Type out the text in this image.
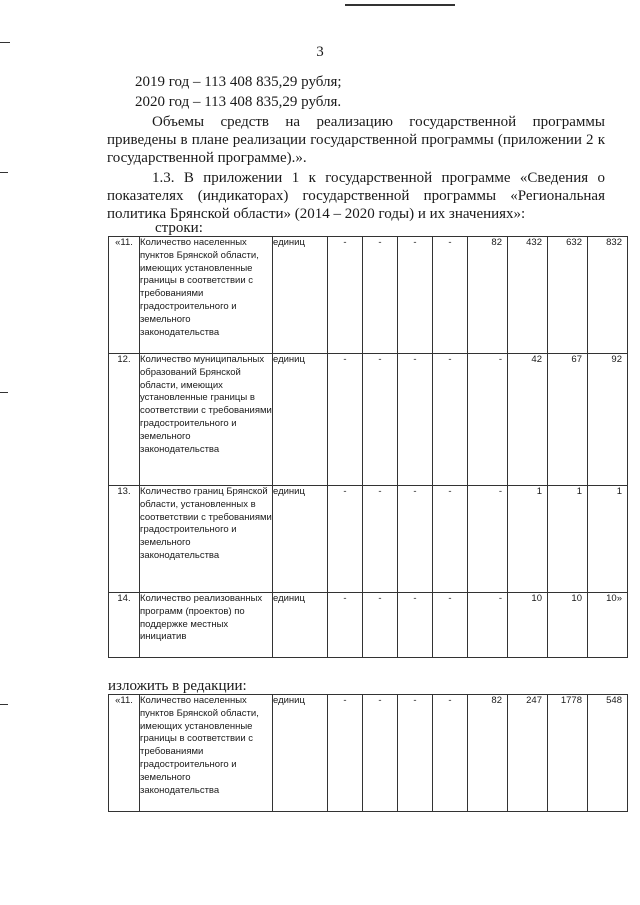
3
2019 год – 113 408 835,29 рубля;
2020 год – 113 408 835,29 рубля.
Объемы средств на реализацию государственной программы приведены в плане реализации государственной программы (приложении 2 к государственной программе).».
1.3. В приложении 1 к государственной программе «Сведения о показателях (индикаторах) государственной программы «Региональная политика Брянской области» (2014 – 2020 годы) и их значениях»:
строки:
«11.	Количество населенных пунктов Брянской области, имеющих установленные границы в соответствии с требованиями градостроительного и земельного законодательства	единиц	-	-	-	-	82	432	632	832
12.	Количество муниципальных образований Брянской области, имеющих установленные границы в соответствии с требованиями градостроительного и земельного законодательства	единиц	-	-	-	-	-	42	67	92
13.	Количество границ Брянской области, установленных в соответствии с требованиями градостроительного и земельного законодательства	единиц	-	-	-	-	-	1	1	1
14.	Количество реализованных программ (проектов) по поддержке местных инициатив	единиц	-	-	-	-	-	10	10	10»
изложить в редакции:
«11.	Количество населенных пунктов Брянской области, имеющих установленные границы в соответствии с требованиями градостроительного и земельного законодательства	единиц	-	-	-	-	82	247	1778	548
